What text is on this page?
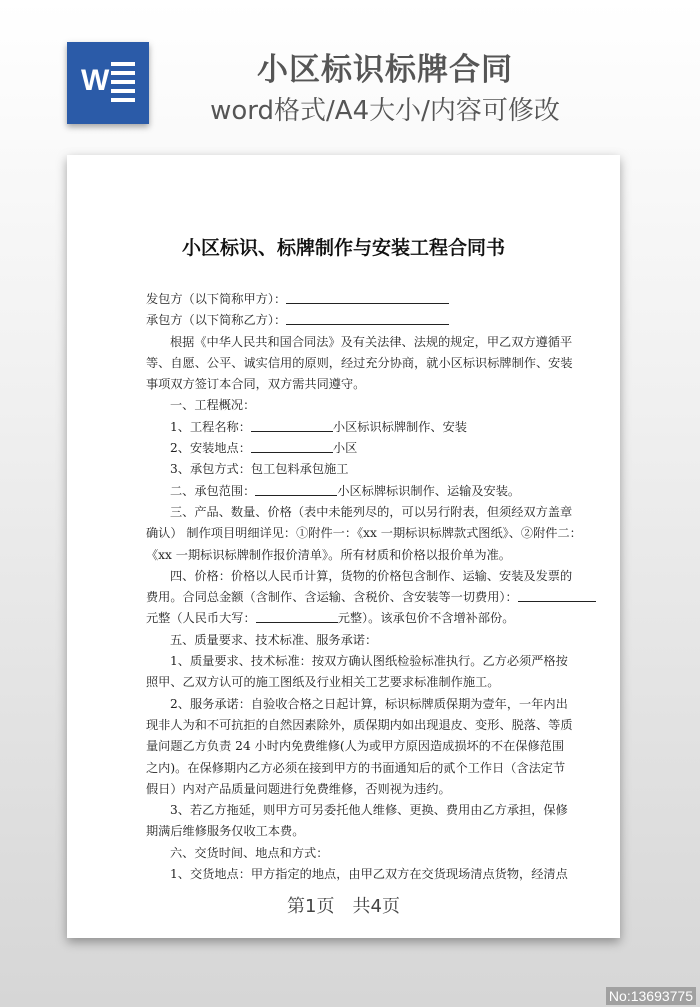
W	小区标识标牌合同
word格式/A4大小/内容可修改
小区标识、标牌制作与安装工程合同书
发包方（以下简称甲方）：
承包方（以下简称乙方）：
根据《中华人民共和国合同法》及有关法律、法规的规定，甲乙双方遵循平
等、自愿、公平、诚实信用的原则，经过充分协商，就小区标识标牌制作、安装
事项双方签订本合同，双方需共同遵守。
一、工程概况：
1、工程名称：	小区标识标牌制作、安装
2、安装地点：	小区
3、承包方式：包工包料承包施工
二、承包范围：	小区标牌标识制作、运输及安装。
三、产品、数量、价格（表中未能列尽的，可以另行附表，但须经双方盖章
确认） 制作项目明细详见：①附件一：《xx 一期标识标牌款式图纸》、②附件二：
《xx 一期标识标牌制作报价清单》。所有材质和价格以报价单为准。
四、价格：价格以人民币计算，货物的价格包含制作、运输、安装及发票的
费用。合同总金额（含制作、含运输、含税价、含安装等一切费用）：
元整（人民币大写：	元整）。该承包价不含增补部份。
五、质量要求、技术标准、服务承诺：
1、质量要求、技术标准：按双方确认图纸检验标准执行。乙方必须严格按
照甲、乙双方认可的施工图纸及行业相关工艺要求标准制作施工。
2、服务承诺：自验收合格之日起计算，标识标牌质保期为壹年，一年内出
现非人为和不可抗拒的自然因素除外，质保期内如出现退皮、变形、脱落、等质
量问题乙方负责 24 小时内免费维修(人为或甲方原因造成损坏的不在保修范围
之内)。在保修期内乙方必须在接到甲方的书面通知后的贰个工作日（含法定节
假日）内对产品质量问题进行免费维修，否则视为违约。
3、若乙方拖延，则甲方可另委托他人维修、更换、费用由乙方承担，保修
期满后维修服务仅收工本费。
六、交货时间、地点和方式：
1、交货地点：甲方指定的地点，由甲乙双方在交货现场清点货物，经清点
第1页　共4页
No:13693775
